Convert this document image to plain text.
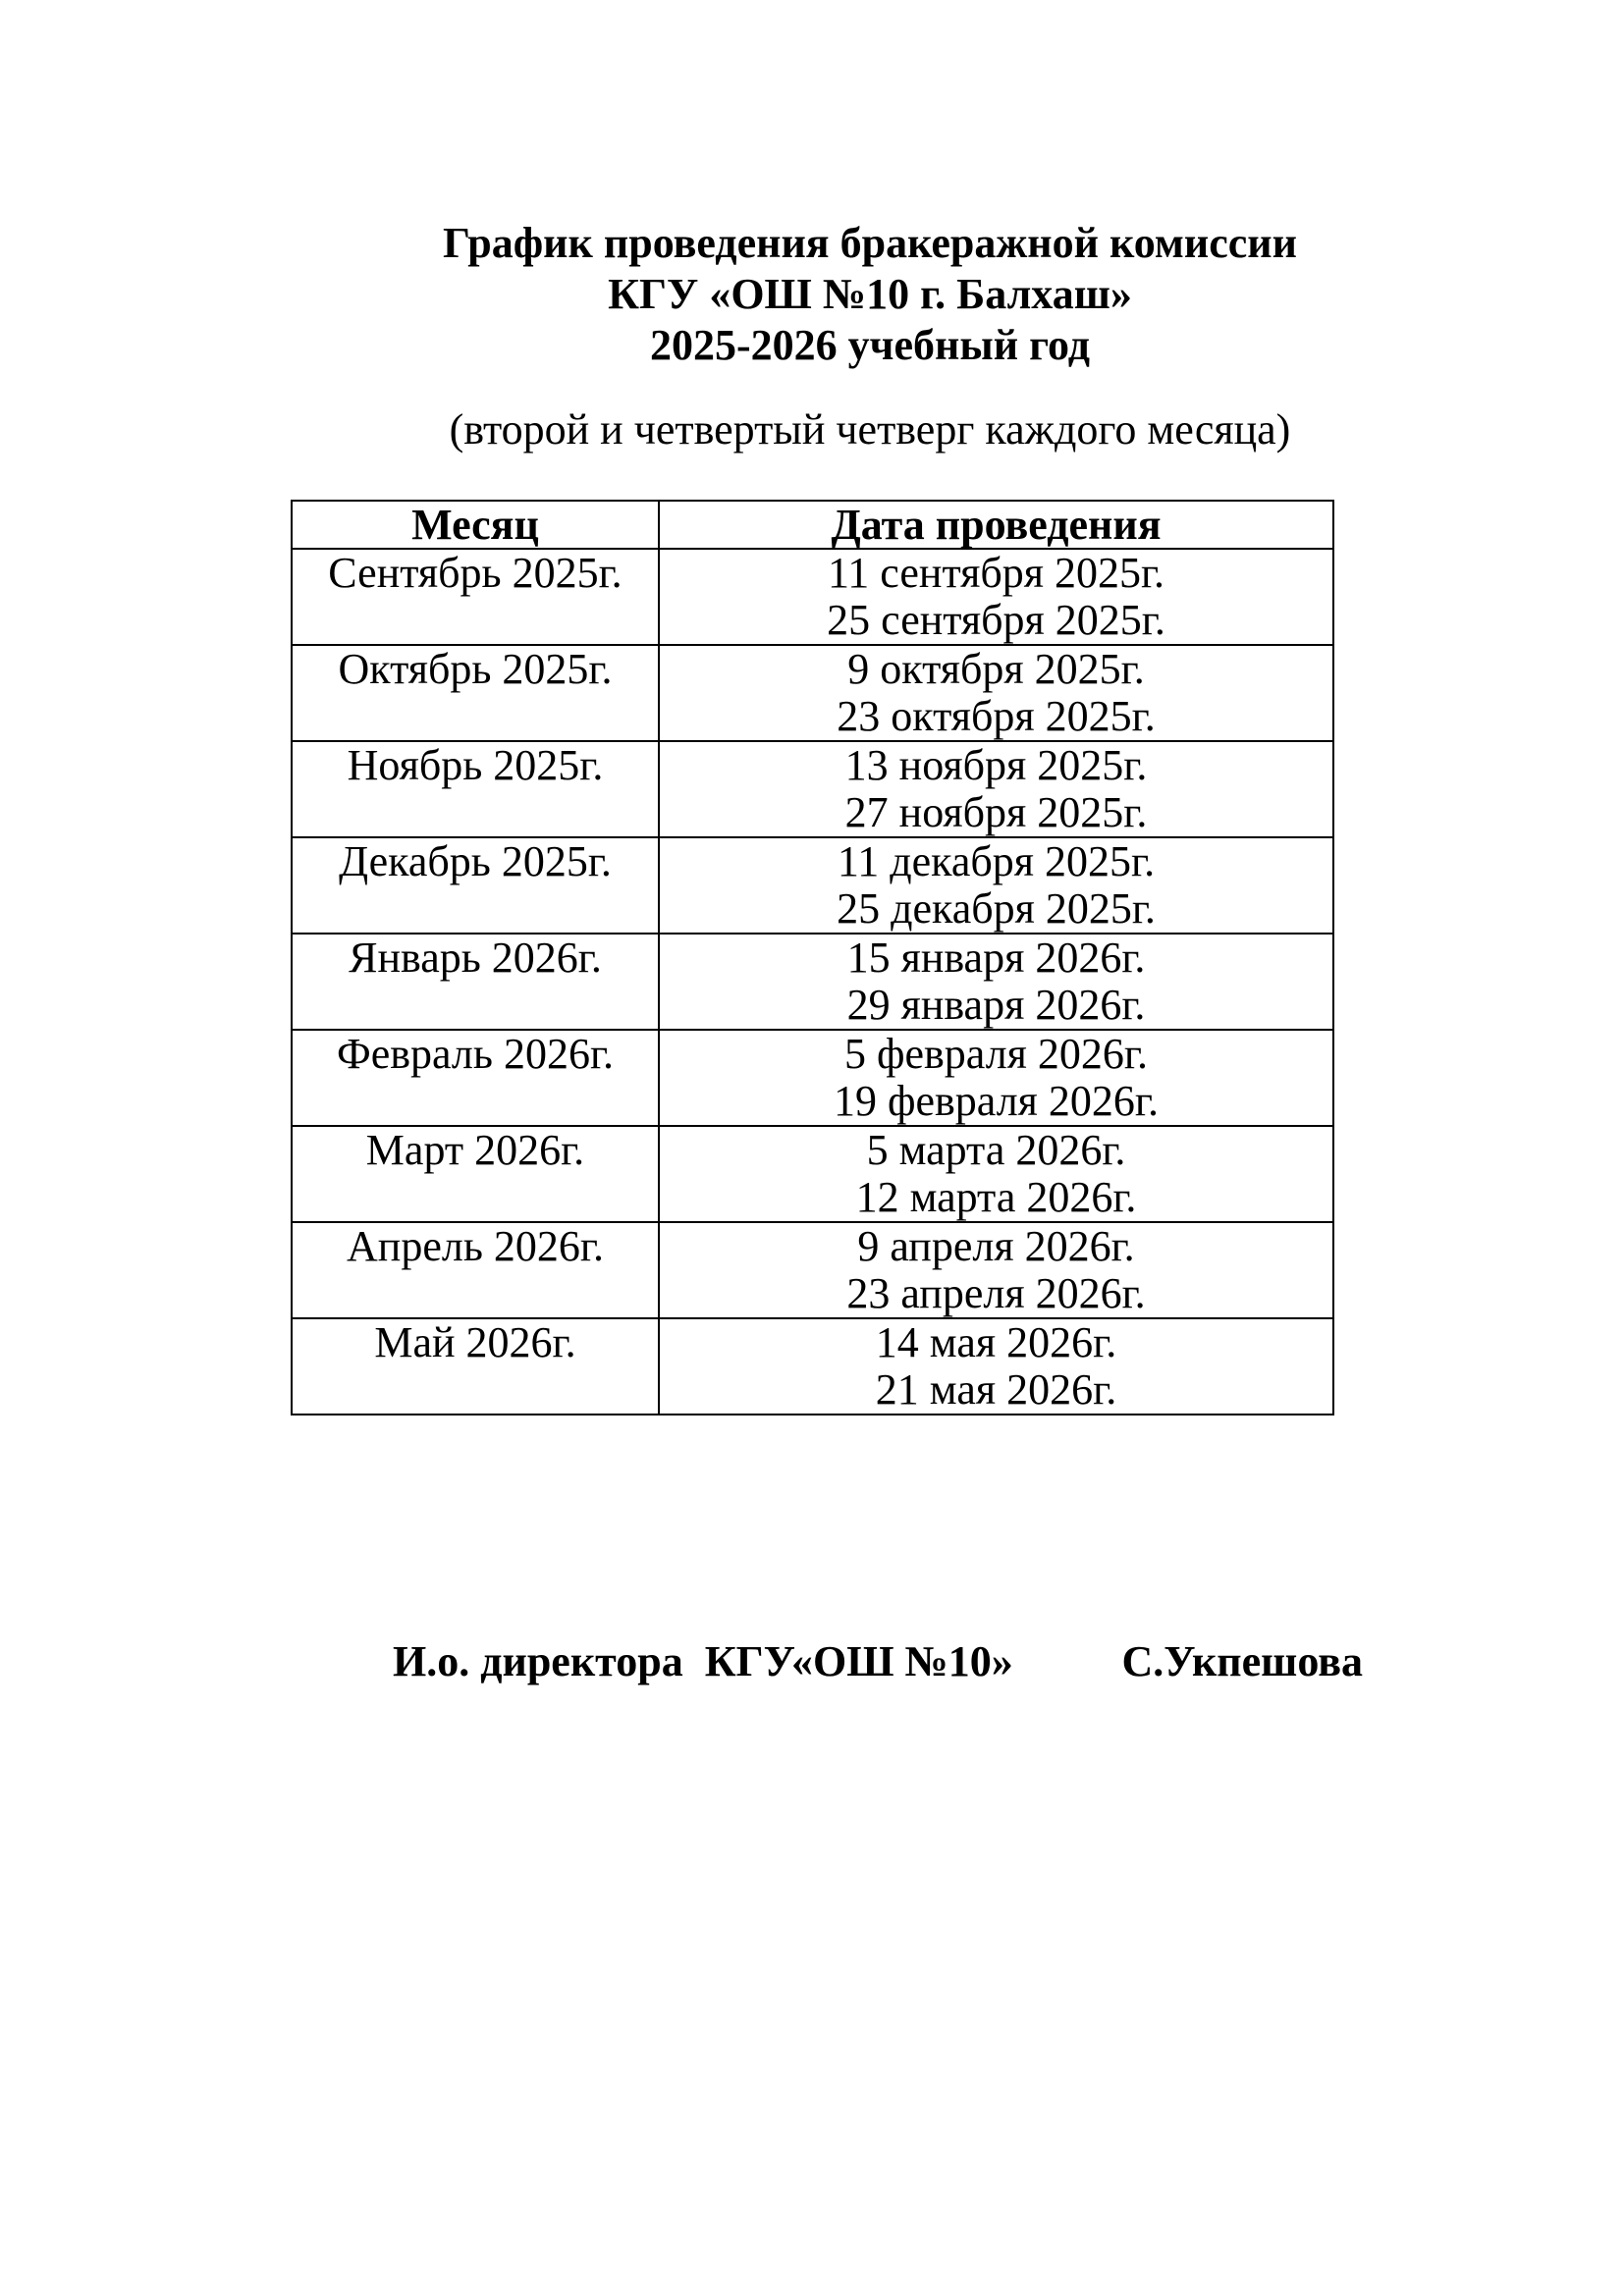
График проведения бракеражной комиссии
КГУ «ОШ №10 г. Балхаш»
2025-2026 учебный год
(второй и четвертый четверг каждого месяца)
Месяц	Дата проведения
Сентябрь 2025г.	11 сентября 2025г.
25 сентября 2025г.

Октябрь 2025г.	9 октября 2025г.
23 октября 2025г.

Ноябрь 2025г.	13 ноября 2025г.
27 ноября 2025г.

Декабрь 2025г.	11 декабря 2025г.
25 декабря 2025г.

Январь 2026г.	15 января 2026г.
29 января 2026г.

Февраль 2026г.	5 февраля 2026г.
19 февраля 2026г.

Март 2026г.	5 марта 2026г.
12 марта 2026г.

Апрель 2026г.	9 апреля 2026г.
23 апреля 2026г.

Май 2026г.	14 мая 2026г.
21 мая 2026г.
И.о. директора  КГУ«ОШ №10»	С.Укпешова
